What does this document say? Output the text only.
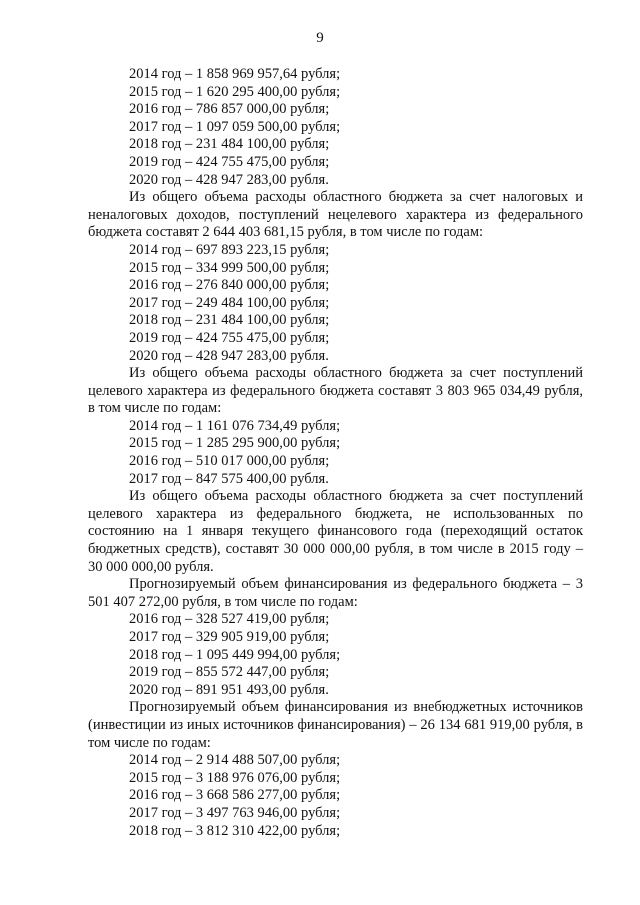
9
2014 год – 1 858 969 957,64 рубля;
2015 год – 1 620 295 400,00 рубля;
2016 год – 786 857 000,00 рубля;
2017 год – 1 097 059 500,00 рубля;
2018 год – 231 484 100,00 рубля;
2019 год – 424 755 475,00 рубля;
2020 год – 428 947 283,00 рубля.
Из общего объема расходы областного бюджета за счет налоговых и неналоговых доходов, поступлений нецелевого характера из федерального бюджета составят 2 644 403 681,15 рубля, в том числе по годам:
2014 год – 697 893 223,15 рубля;
2015 год – 334 999 500,00 рубля;
2016 год – 276 840 000,00 рубля;
2017 год – 249 484 100,00 рубля;
2018 год – 231 484 100,00 рубля;
2019 год – 424 755 475,00 рубля;
2020 год – 428 947 283,00 рубля.
Из общего объема расходы областного бюджета за счет поступлений целевого характера из федерального бюджета составят 3 803 965 034,49 рубля, в том числе по годам:
2014 год – 1 161 076 734,49 рубля;
2015 год – 1 285 295 900,00 рубля;
2016 год – 510 017 000,00 рубля;
2017 год – 847 575 400,00 рубля.
Из общего объема расходы областного бюджета за счет поступлений целевого характера из федерального бюджета, не использованных по состоянию на 1 января текущего финансового года (переходящий остаток бюджетных средств), составят 30 000 000,00 рубля, в том числе в 2015 году – 30 000 000,00 рубля.
Прогнозируемый объем финансирования из федерального бюджета – 3 501 407 272,00 рубля, в том числе по годам:
2016 год – 328 527 419,00 рубля;
2017 год – 329 905 919,00 рубля;
2018 год – 1 095 449 994,00 рубля;
2019 год – 855 572 447,00 рубля;
2020 год – 891 951 493,00 рубля.
Прогнозируемый объем финансирования из внебюджетных источников (инвестиции из иных источников финансирования) – 26 134 681 919,00 рубля, в том числе по годам:
2014 год – 2 914 488 507,00 рубля;
2015 год – 3 188 976 076,00 рубля;
2016 год – 3 668 586 277,00 рубля;
2017 год – 3 497 763 946,00 рубля;
2018 год – 3 812 310 422,00 рубля;
